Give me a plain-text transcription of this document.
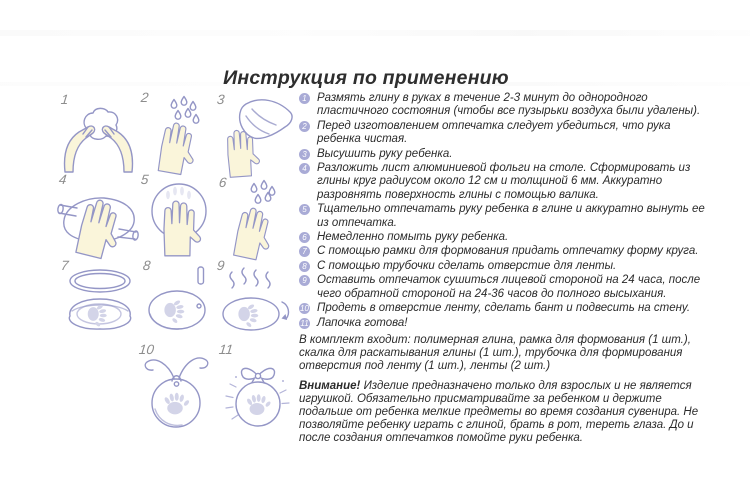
Инструкция по применению
1	2	3
4	5	6
7	8	9
10	11
1 Размять глину в руках в течение 2-3 минут до однородного пластичного состояния (чтобы все пузырьки воздуха были удалены).
2 Перед изготовлением отпечатка следует убедиться, что рука ребенка чистая.
3 Высушить руку ребенка.
4 Разложить лист алюминиевой фольги на столе. Сформировать из глины круг радиусом около 12 см и толщиной 6 мм. Аккуратно разровнять поверхность глины с помощью валика.
5 Тщательно отпечатать руку ребенка в глине и аккуратно вынуть ее из отпечатка.
6 Немедленно помыть руку ребенка.
7 С помощью рамки для формования придать отпечатку форму круга.
8 С помощью трубочки сделать отверстие для ленты.
9 Оставить отпечаток сушиться лицевой стороной на 24 часа, после чего обратной стороной на 24-36 часов до полного высыхания.
10 Продеть в отверстие ленту, сделать бант и подвесить на стену.
11 Лапочка готова!

В комплект входит: полимерная глина, рамка для формования (1 шт.), скалка для раскатывания глины (1 шт.), трубочка для формирования отверстия под ленту (1 шт.), ленты (2 шт.)

Внимание! Изделие предназначено только для взрослых и не является игрушкой. Обязательно присматривайте за ребенком и держите подальше от ребенка мелкие предметы во время создания сувенира. Не позволяйте ребенку играть с глиной, брать в рот, тереть глаза. До и после создания отпечатков помойте руки ребенка.
